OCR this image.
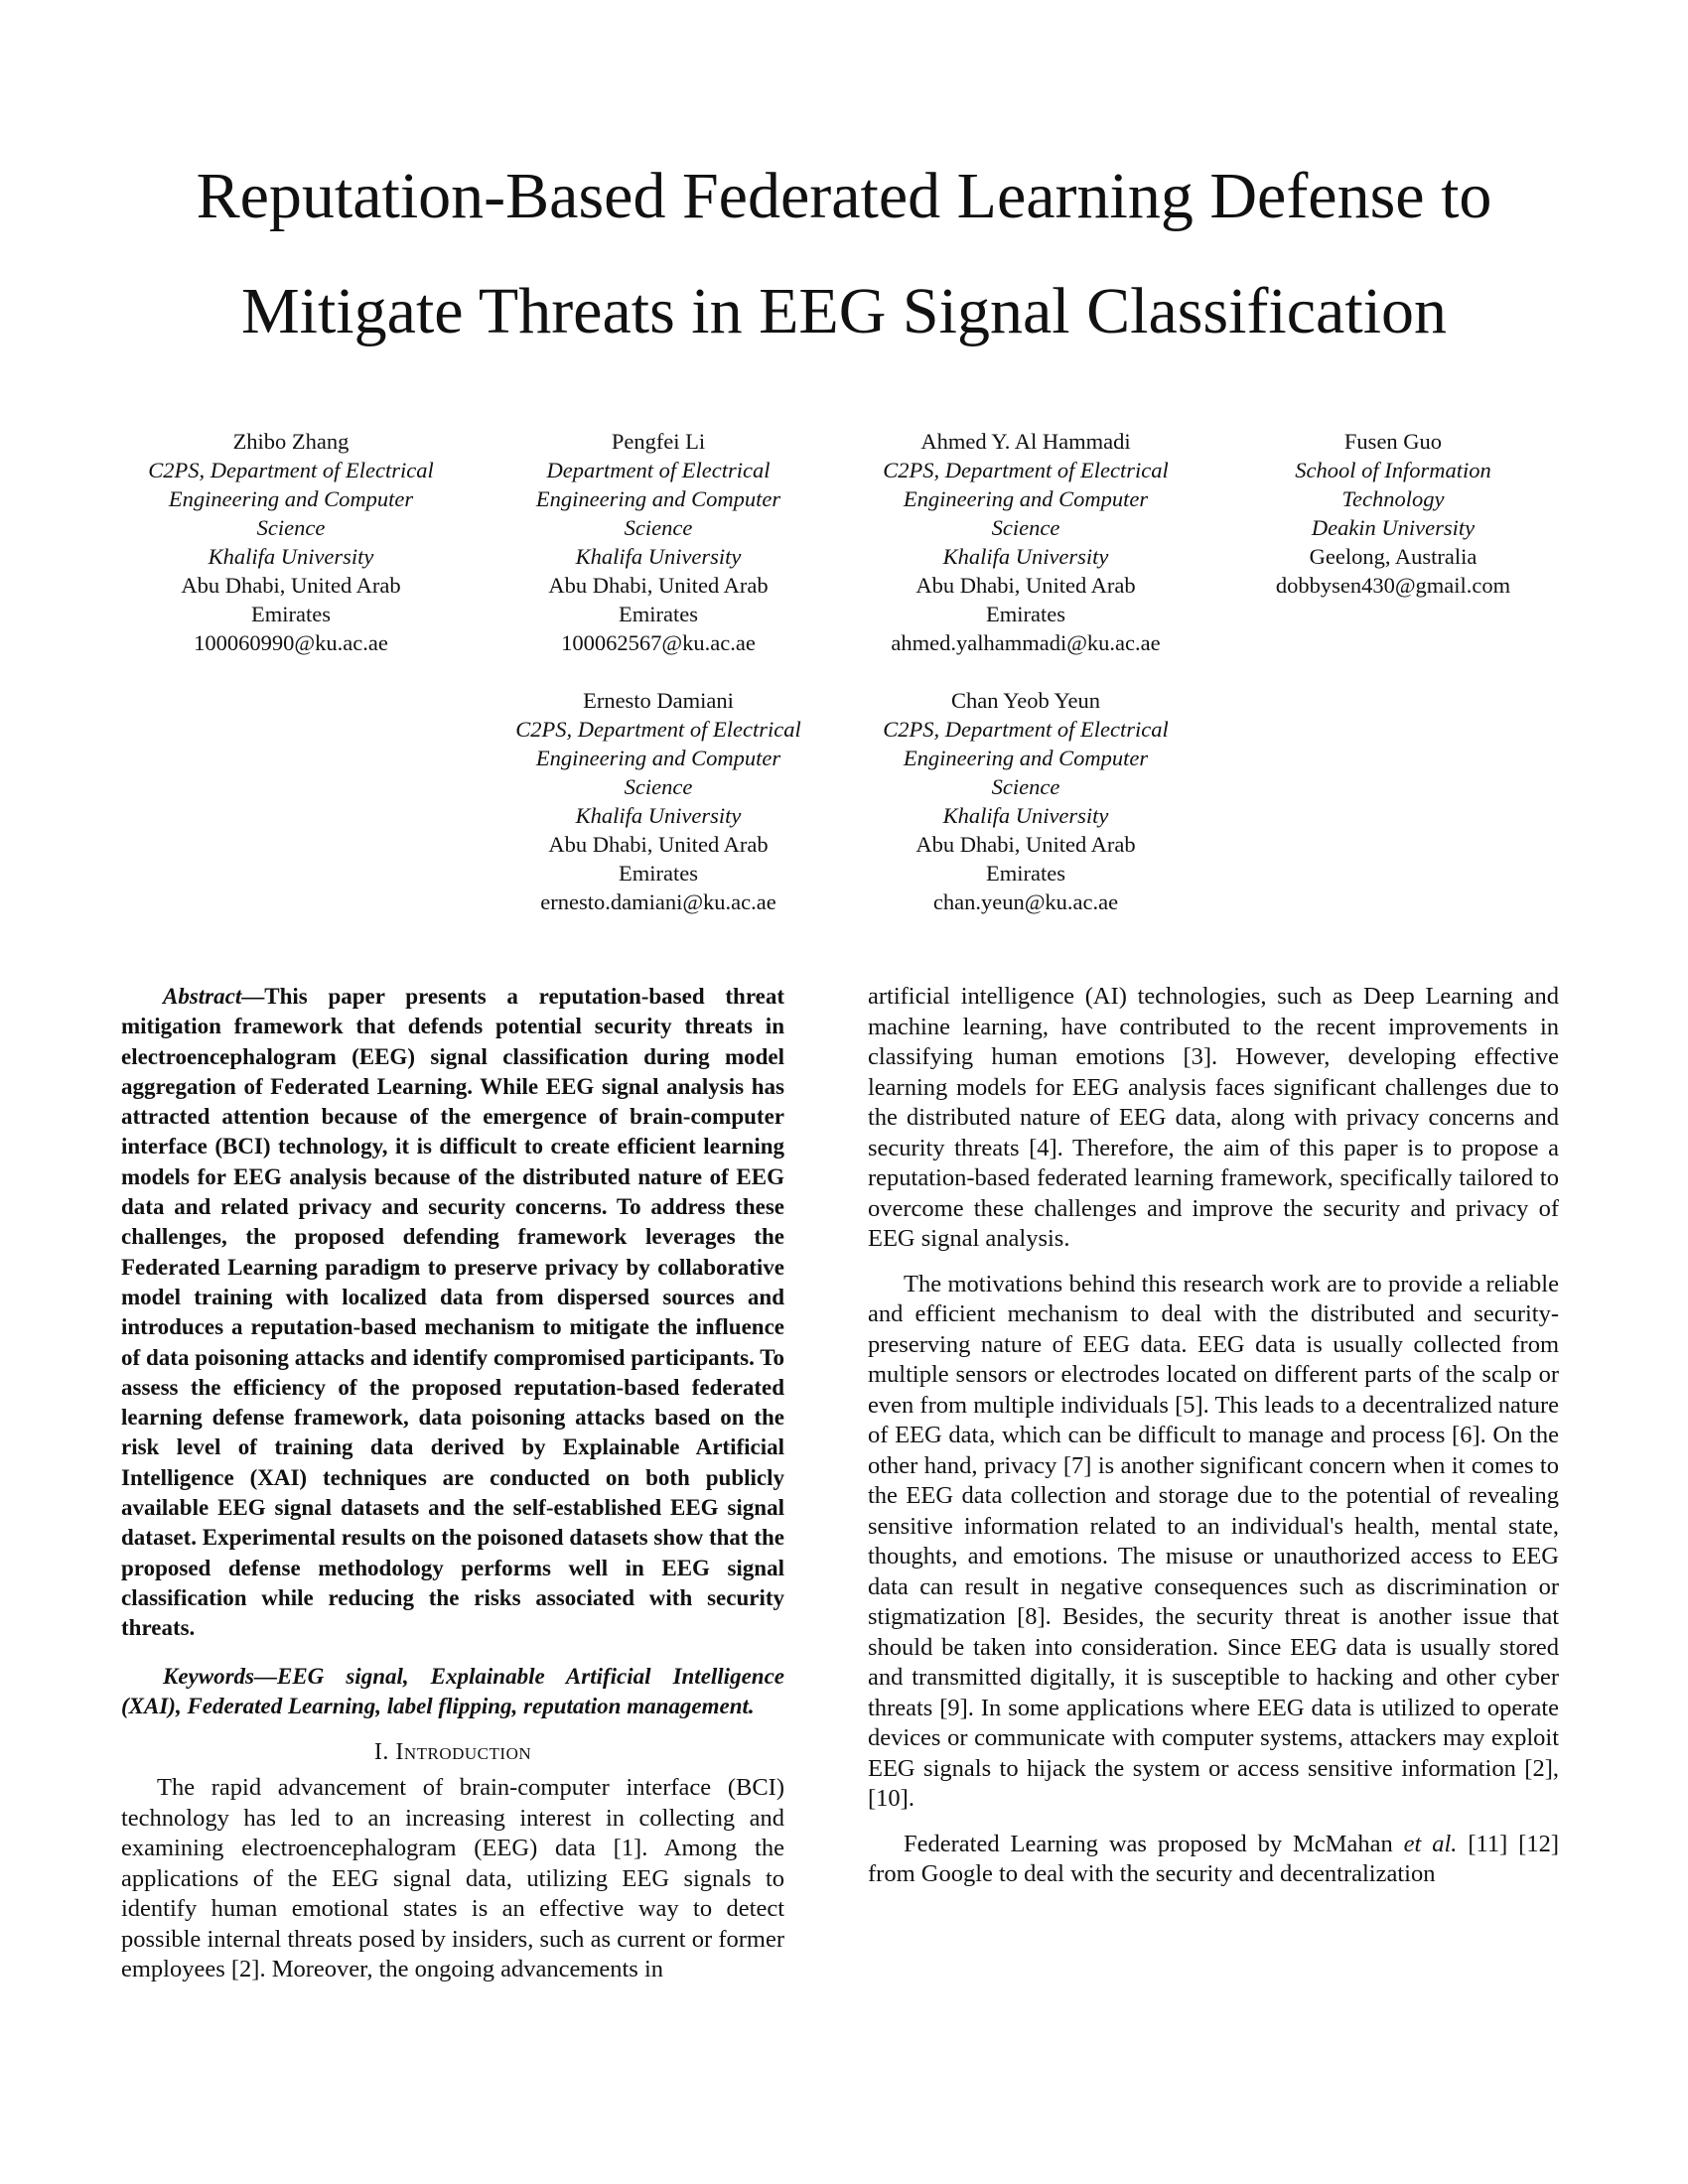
Reputation-Based Federated Learning Defense to
Mitigate Threats in EEG Signal Classification
Zhibo Zhang
C2PS, Department of Electrical
Engineering and Computer
Science
Khalifa University
Abu Dhabi, United Arab
Emirates
100060990@ku.ac.ae
Pengfei Li
Department of Electrical
Engineering and Computer
Science
Khalifa University
Abu Dhabi, United Arab
Emirates
100062567@ku.ac.ae
Ahmed Y. Al Hammadi
C2PS, Department of Electrical
Engineering and Computer
Science
Khalifa University
Abu Dhabi, United Arab
Emirates
ahmed.yalhammadi@ku.ac.ae
Fusen Guo
School of Information
Technology
Deakin University
Geelong, Australia
dobbysen430@gmail.com
Ernesto Damiani
C2PS, Department of Electrical
Engineering and Computer
Science
Khalifa University
Abu Dhabi, United Arab
Emirates
ernesto.damiani@ku.ac.ae
Chan Yeob Yeun
C2PS, Department of Electrical
Engineering and Computer
Science
Khalifa University
Abu Dhabi, United Arab
Emirates
chan.yeun@ku.ac.ae

Abstract—This paper presents a reputation-based threat mitigation framework that defends potential security threats in electroencephalogram (EEG) signal classification during model aggregation of Federated Learning. While EEG signal analysis has attracted attention because of the emergence of brain-computer interface (BCI) technology, it is difficult to create efficient learning models for EEG analysis because of the distributed nature of EEG data and related privacy and security concerns. To address these challenges, the proposed defending framework leverages the Federated Learning paradigm to preserve privacy by collaborative model training with localized data from dispersed sources and introduces a reputation-based mechanism to mitigate the influence of data poisoning attacks and identify compromised participants. To assess the efficiency of the proposed reputation-based federated learning defense framework, data poisoning attacks based on the risk level of training data derived by Explainable Artificial Intelligence (XAI) techniques are conducted on both publicly available EEG signal datasets and the self-established EEG signal dataset. Experimental results on the poisoned datasets show that the proposed defense methodology performs well in EEG signal classification while reducing the risks associated with security threats.

Keywords—EEG signal, Explainable Artificial Intelligence (XAI), Federated Learning, label flipping, reputation management.

I. Introduction

The rapid advancement of brain-computer interface (BCI) technology has led to an increasing interest in collecting and examining electroencephalogram (EEG) data [1]. Among the applications of the EEG signal data, utilizing EEG signals to identify human emotional states is an effective way to detect possible internal threats posed by insiders, such as current or former employees [2]. Moreover, the ongoing advancements in

artificial intelligence (AI) technologies, such as Deep Learning and machine learning, have contributed to the recent improvements in classifying human emotions [3]. However, developing effective learning models for EEG analysis faces significant challenges due to the distributed nature of EEG data, along with privacy concerns and security threats [4]. Therefore, the aim of this paper is to propose a reputation-based federated learning framework, specifically tailored to overcome these challenges and improve the security and privacy of EEG signal analysis.

The motivations behind this research work are to provide a reliable and efficient mechanism to deal with the distributed and security-preserving nature of EEG data. EEG data is usually collected from multiple sensors or electrodes located on different parts of the scalp or even from multiple individuals [5]. This leads to a decentralized nature of EEG data, which can be difficult to manage and process [6]. On the other hand, privacy [7] is another significant concern when it comes to the EEG data collection and storage due to the potential of revealing sensitive information related to an individual's health, mental state, thoughts, and emotions. The misuse or unauthorized access to EEG data can result in negative consequences such as discrimination or stigmatization [8]. Besides, the security threat is another issue that should be taken into consideration. Since EEG data is usually stored and transmitted digitally, it is susceptible to hacking and other cyber threats [9]. In some applications where EEG data is utilized to operate devices or communicate with computer systems, attackers may exploit EEG signals to hijack the system or access sensitive information [2], [10].

Federated Learning was proposed by McMahan et al. [11] [12] from Google to deal with the security and decentralization
